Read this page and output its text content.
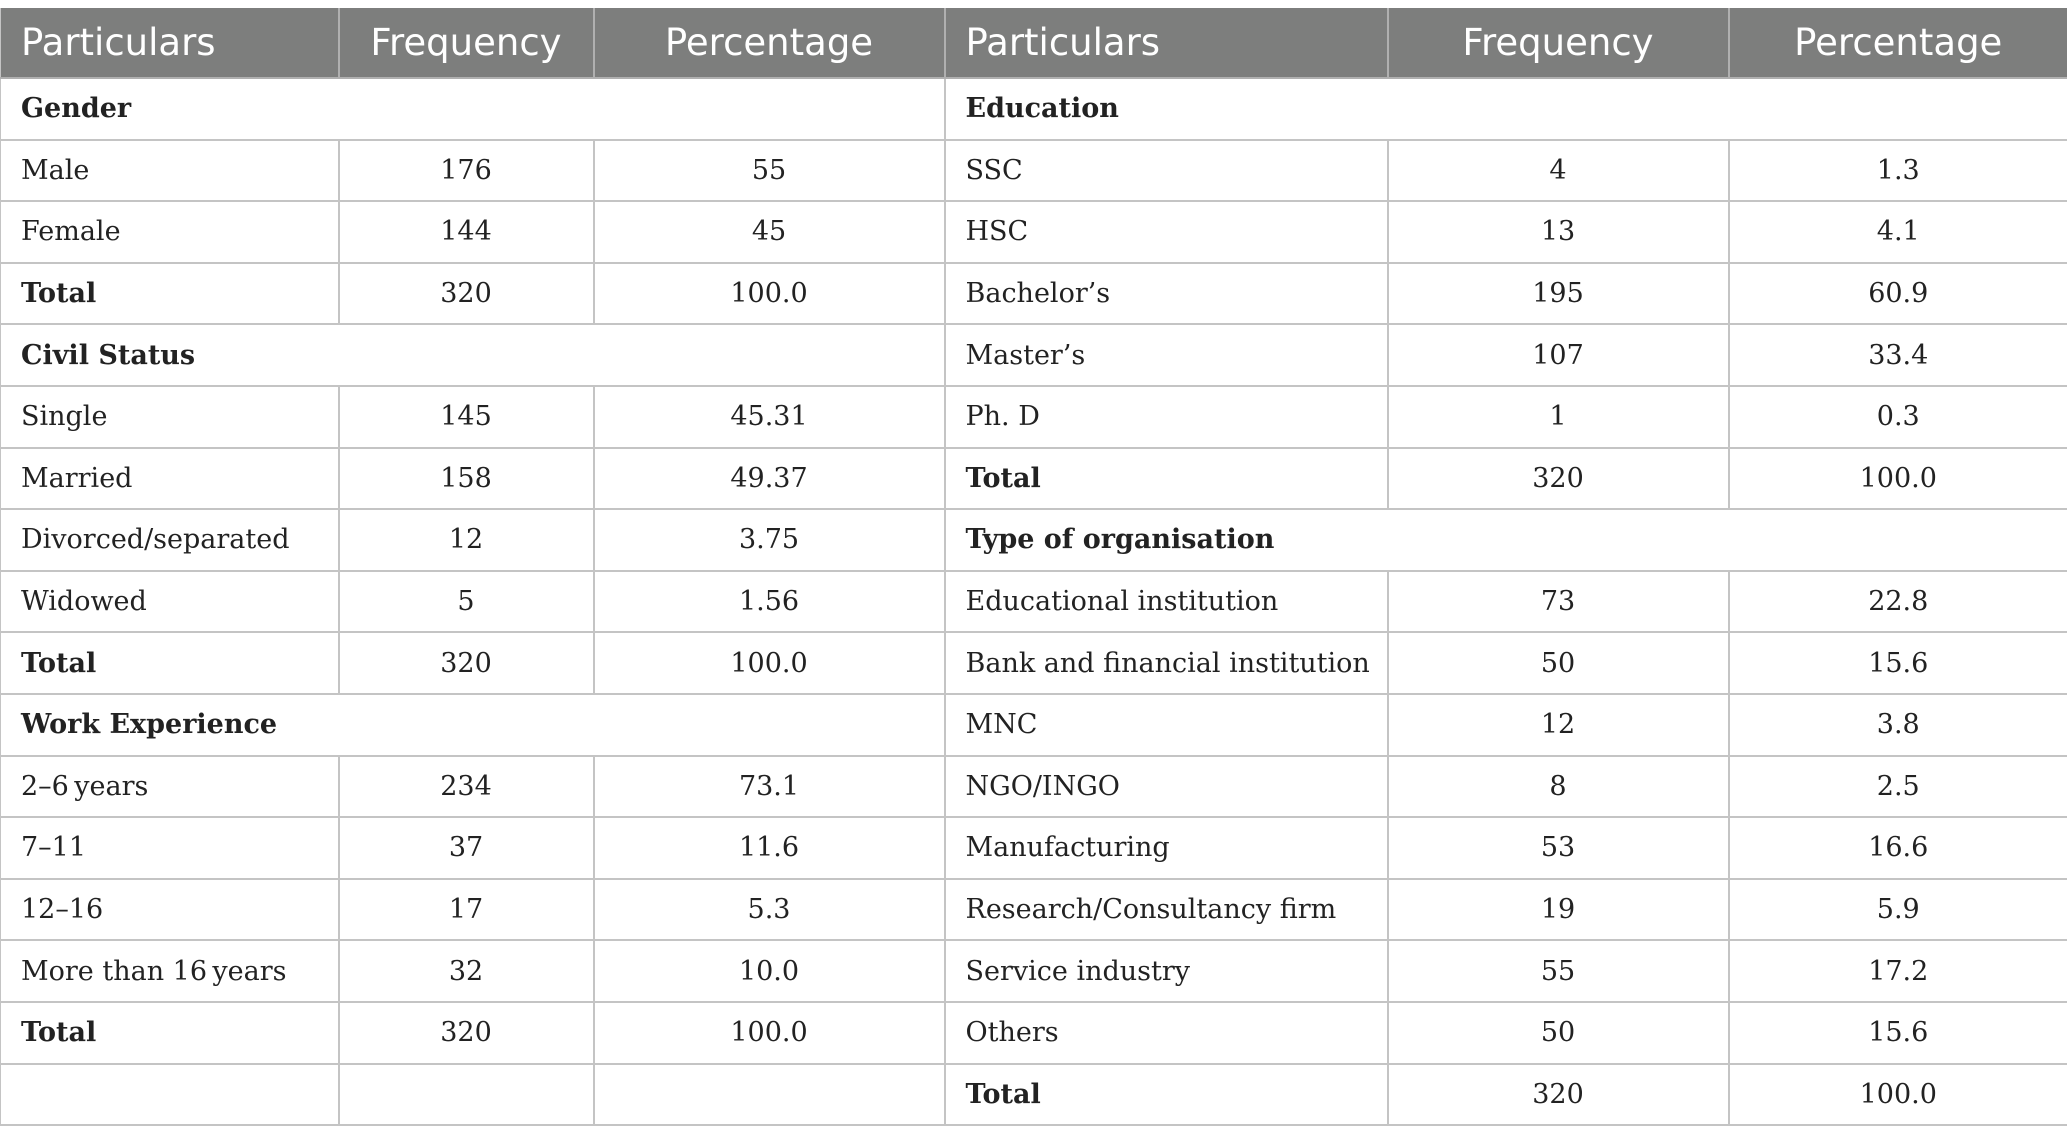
Particulars	Frequency	Percentage	Particulars	Frequency	Percentage
Gender			Education		
Male	176	55	SSC	4	1.3
Female	144	45	HSC	13	4.1
Total	320	100.0	Bachelor’s	195	60.9
Civil Status			Master’s	107	33.4
Single	145	45.31	Ph. D	1	0.3
Married	158	49.37	Total	320	100.0
Divorced/separated	12	3.75	Type of organisation		
Widowed	5	1.56	Educational institution	73	22.8
Total	320	100.0	Bank and financial institution	50	15.6
Work Experience			MNC	12	3.8
2–6 years	234	73.1	NGO/INGO	8	2.5
7–11	37	11.6	Manufacturing	53	16.6
12–16	17	5.3	Research/Consultancy firm	19	5.9
More than 16 years	32	10.0	Service industry	55	17.2
Total	320	100.0	Others	50	15.6
			Total	320	100.0
